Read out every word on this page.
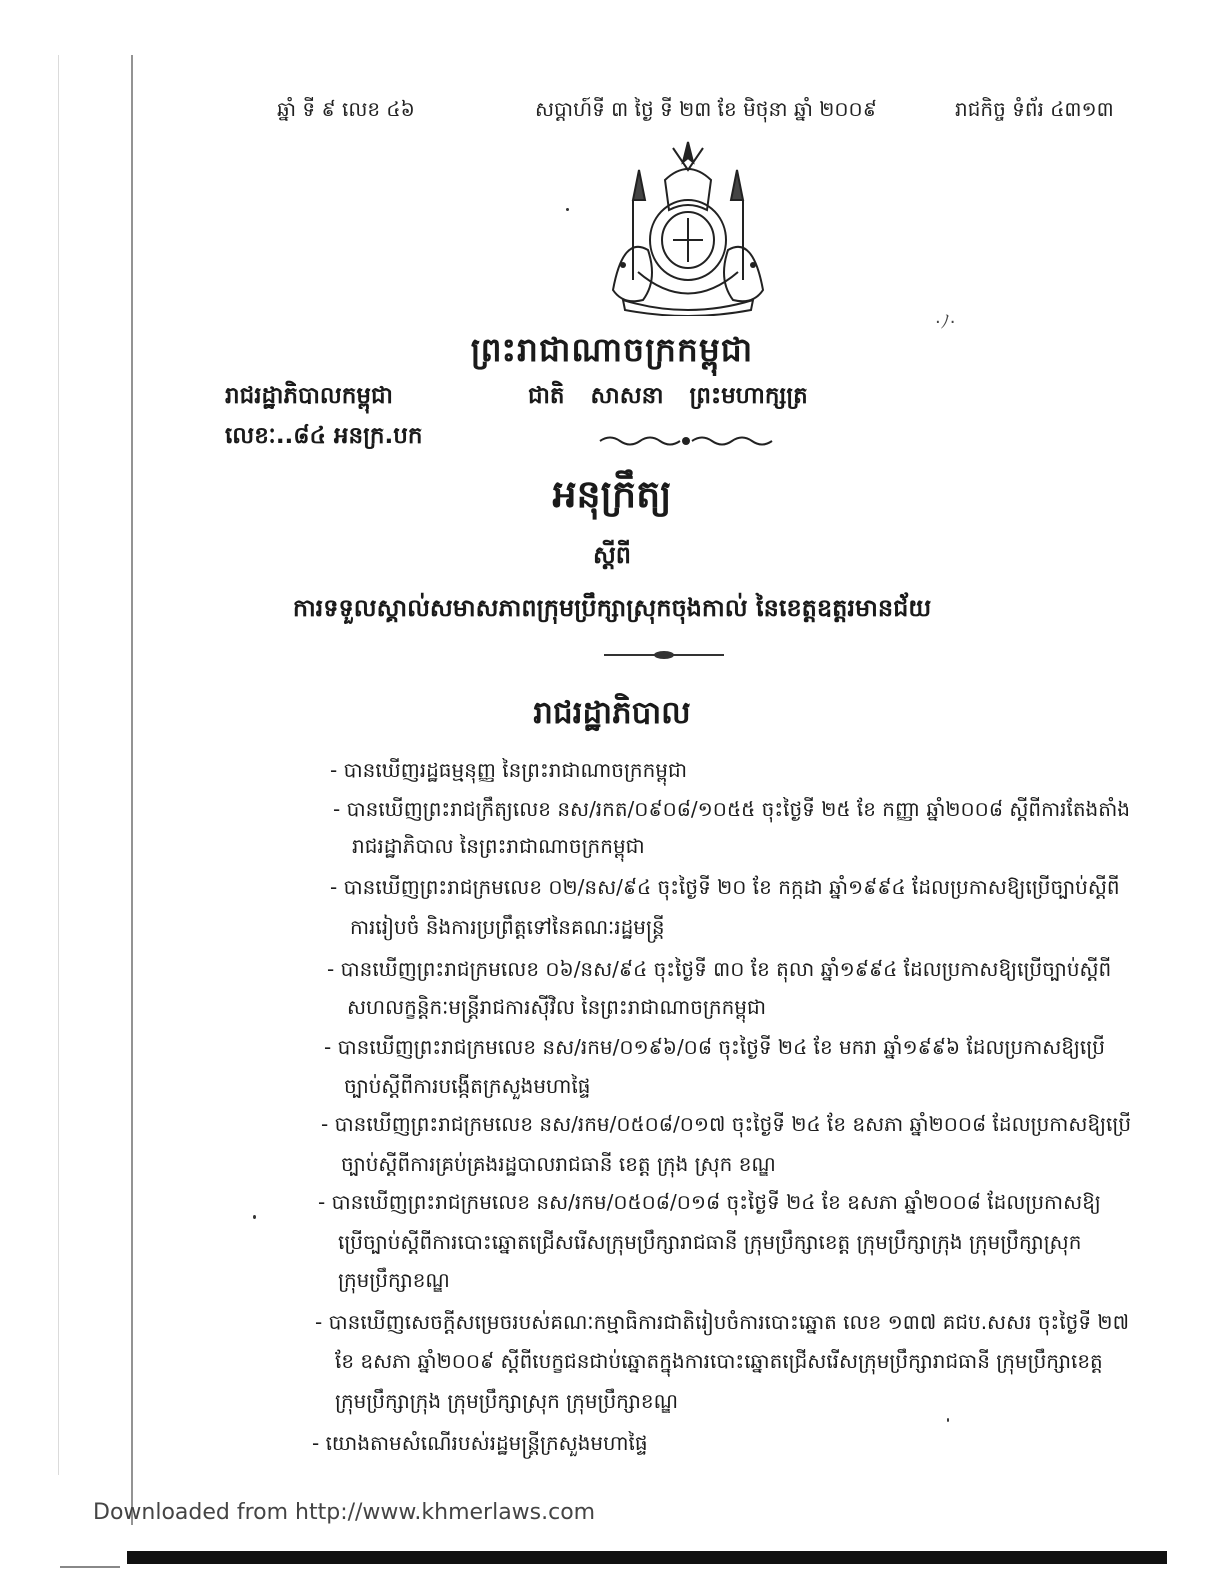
ឆ្នាំ ទី ៩ លេខ ៤៦	សប្តាហ៍ទី ៣ ថ្ងៃ ទី ២៣ ខែ មិថុនា ឆ្នាំ ២០០៩	រាជកិច្ច ទំព័រ ៤៣១៣
·ﾉ·
ព្រះរាជាណាចក្រកម្ពុជា
រាជរដ្ឋាភិបាលកម្ពុជា	ជាតិ សាសនា ព្រះមហាក្សត្រ
លេខៈ..៨៤ អនក្រ.បក
អនុក្រឹត្យ
ស្តីពី
ការទទួលស្គាល់សមាសភាពក្រុមប្រឹក្សាស្រុកចុងកាល់ នៃខេត្តឧត្តរមានជ័យ
រាជរដ្ឋាភិបាល
- បានឃើញរដ្ឋធម្មនុញ្ញ នៃព្រះរាជាណាចក្រកម្ពុជា
- បានឃើញព្រះរាជក្រឹត្យលេខ នស/រកត/០៩០៨/១០៥៥ ចុះថ្ងៃទី ២៥ ខែ កញ្ញា ឆ្នាំ២០០៨ ស្តីពីការតែងតាំង
រាជរដ្ឋាភិបាល នៃព្រះរាជាណាចក្រកម្ពុជា
- បានឃើញព្រះរាជក្រមលេខ ០២/នស/៩៤ ចុះថ្ងៃទី ២០ ខែ កក្កដា ឆ្នាំ១៩៩៤ ដែលប្រកាសឱ្យប្រើច្បាប់ស្តីពី
ការរៀបចំ និងការប្រព្រឹត្តទៅនៃគណៈរដ្ឋមន្ត្រី
- បានឃើញព្រះរាជក្រមលេខ ០៦/នស/៩៤ ចុះថ្ងៃទី ៣០ ខែ តុលា ឆ្នាំ១៩៩៤ ដែលប្រកាសឱ្យប្រើច្បាប់ស្តីពី
សហលក្ខន្តិកៈមន្ត្រីរាជការស៊ីវិល នៃព្រះរាជាណាចក្រកម្ពុជា
- បានឃើញព្រះរាជក្រមលេខ នស/រកម/០១៩៦/០៨ ចុះថ្ងៃទី ២៤ ខែ មករា ឆ្នាំ១៩៩៦ ដែលប្រកាសឱ្យប្រើ
ច្បាប់ស្តីពីការបង្កើតក្រសួងមហាផ្ទៃ
- បានឃើញព្រះរាជក្រមលេខ នស/រកម/០៥០៨/០១៧ ចុះថ្ងៃទី ២៤ ខែ ឧសភា ឆ្នាំ២០០៨ ដែលប្រកាសឱ្យប្រើ
ច្បាប់ស្តីពីការគ្រប់គ្រងរដ្ឋបាលរាជធានី ខេត្ត ក្រុង ស្រុក ខណ្ឌ
- បានឃើញព្រះរាជក្រមលេខ នស/រកម/០៥០៨/០១៨ ចុះថ្ងៃទី ២៤ ខែ ឧសភា ឆ្នាំ២០០៨ ដែលប្រកាសឱ្យ
ប្រើច្បាប់ស្តីពីការបោះឆ្នោតជ្រើសរើសក្រុមប្រឹក្សារាជធានី ក្រុមប្រឹក្សាខេត្ត ក្រុមប្រឹក្សាក្រុង ក្រុមប្រឹក្សាស្រុក
ក្រុមប្រឹក្សាខណ្ឌ
- បានឃើញសេចក្តីសម្រេចរបស់គណៈកម្មាធិការជាតិរៀបចំការបោះឆ្នោត លេខ ១៣៧ គជប.សសរ ចុះថ្ងៃទី ២៧
ខែ ឧសភា ឆ្នាំ២០០៩ ស្តីពីបេក្ខជនជាប់ឆ្នោតក្នុងការបោះឆ្នោតជ្រើសរើសក្រុមប្រឹក្សារាជធានី ក្រុមប្រឹក្សាខេត្ត
ក្រុមប្រឹក្សាក្រុង ក្រុមប្រឹក្សាស្រុក ក្រុមប្រឹក្សាខណ្ឌ
- យោងតាមសំណើរបស់រដ្ឋមន្ត្រីក្រសួងមហាផ្ទៃ
Downloaded from http://www.khmerlaws.com
